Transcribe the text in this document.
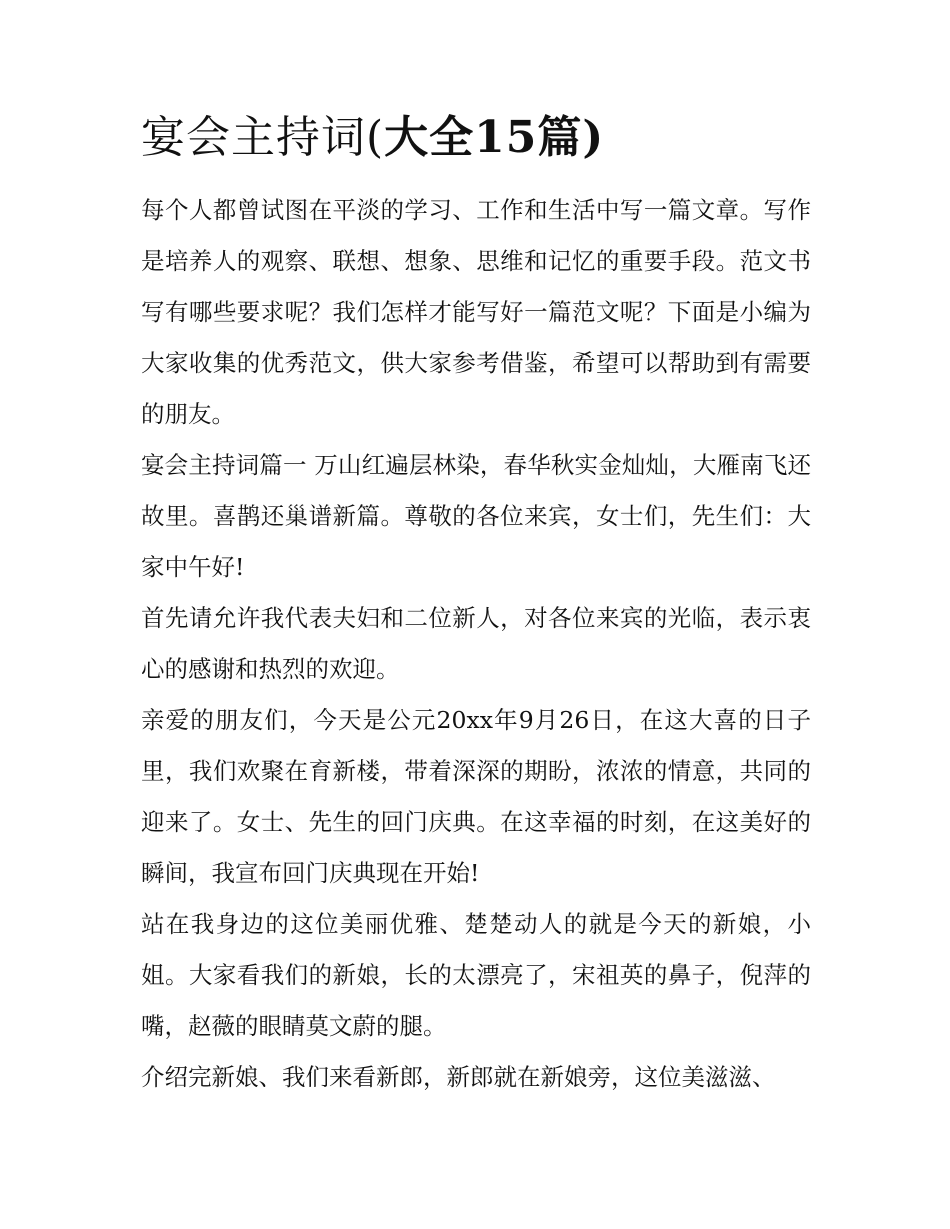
宴会主持词(大全15篇)

每个人都曾试图在平淡的学习、工作和生活中写一篇文章。写作是培养人的观察、联想、想象、思维和记忆的重要手段。范文书写有哪些要求呢？我们怎样才能写好一篇范文呢？下面是小编为大家收集的优秀范文，供大家参考借鉴，希望可以帮助到有需要的朋友。

宴会主持词篇一 万山红遍层林染，春华秋实金灿灿，大雁南飞还故里。喜鹊还巢谱新篇。尊敬的各位来宾，女士们，先生们：大家中午好!

首先请允许我代表夫妇和二位新人，对各位来宾的光临，表示衷心的感谢和热烈的欢迎。

亲爱的朋友们，今天是公元20xx年9月26日，在这大喜的日子里，我们欢聚在育新楼，带着深深的期盼，浓浓的情意，共同的迎来了。女士、先生的回门庆典。在这幸福的时刻，在这美好的瞬间，我宣布回门庆典现在开始!

站在我身边的这位美丽优雅、楚楚动人的就是今天的新娘，小姐。大家看我们的新娘，长的太漂亮了，宋祖英的鼻子，倪萍的嘴，赵薇的眼睛莫文蔚的腿。

介绍完新娘、我们来看新郎，新郎就在新娘旁，这位美滋滋、
